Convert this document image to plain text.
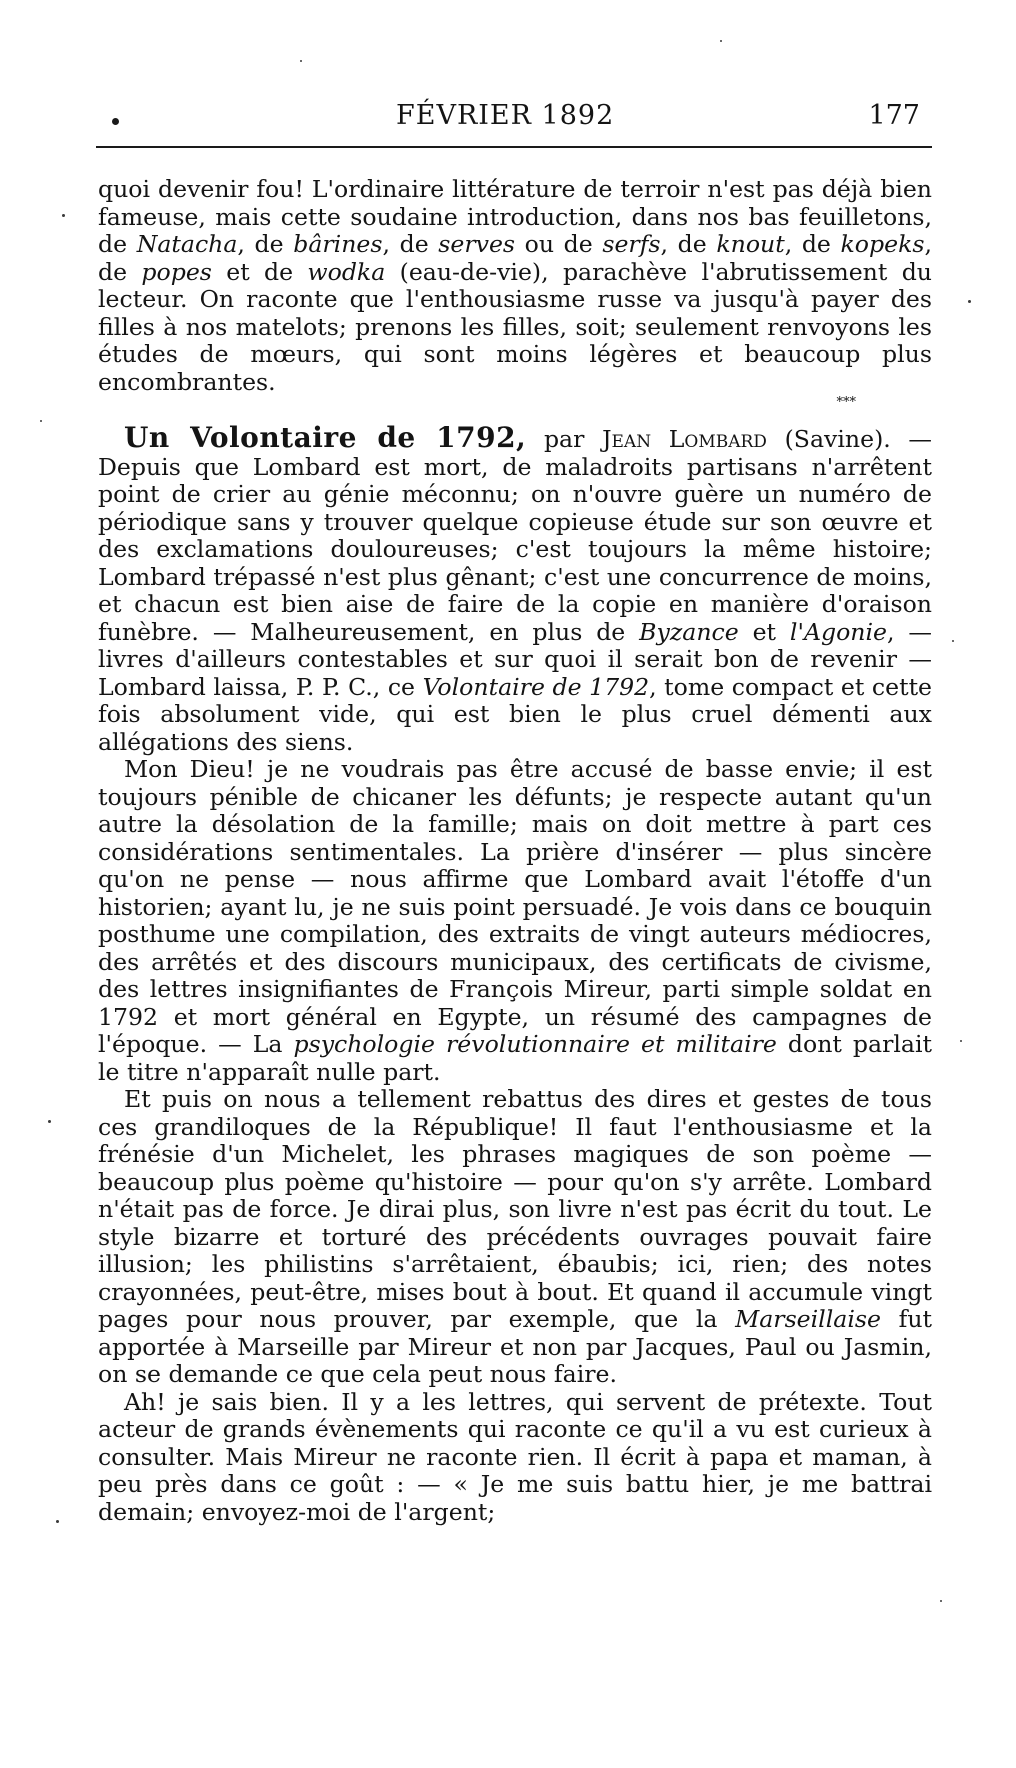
FÉVRIER 1892	177

quoi devenir fou! L'ordinaire littérature de terroir n'est pas déjà bien fameuse, mais cette soudaine introduction, dans nos bas feuilletons, de Natacha, de bârines, de serves ou de serfs, de knout, de kopeks, de popes et de wodka (eau-de-vie), parachève l'abrutissement du lecteur. On raconte que l'enthousiasme russe va jusqu'à payer des filles à nos matelots; prenons les filles, soit; seulement renvoyons les études de mœurs, qui sont moins légères et beaucoup plus encombrantes.

***

Un Volontaire de 1792, par Jean Lombard (Savine). — Depuis que Lombard est mort, de maladroits partisans n'arrêtent point de crier au génie méconnu; on n'ouvre guère un numéro de périodique sans y trouver quelque copieuse étude sur son œuvre et des exclamations douloureuses; c'est toujours la même histoire; Lombard trépassé n'est plus gênant; c'est une concurrence de moins, et chacun est bien aise de faire de la copie en manière d'oraison funèbre. — Malheureusement, en plus de Byzance et l'Agonie, — livres d'ailleurs contestables et sur quoi il serait bon de revenir — Lombard laissa, P. P. C., ce Volontaire de 1792, tome compact et cette fois absolument vide, qui est bien le plus cruel démenti aux allégations des siens.

Mon Dieu! je ne voudrais pas être accusé de basse envie; il est toujours pénible de chicaner les défunts; je respecte autant qu'un autre la désolation de la famille; mais on doit mettre à part ces considérations sentimentales. La prière d'insérer — plus sincère qu'on ne pense — nous affirme que Lombard avait l'étoffe d'un historien; ayant lu, je ne suis point persuadé. Je vois dans ce bouquin posthume une compilation, des extraits de vingt auteurs médiocres, des arrêtés et des discours municipaux, des certificats de civisme, des lettres insignifiantes de François Mireur, parti simple soldat en 1792 et mort général en Egypte, un résumé des campagnes de l'époque. — La psychologie révolutionnaire et militaire dont parlait le titre n'apparaît nulle part.

Et puis on nous a tellement rebattus des dires et gestes de tous ces grandiloques de la République! Il faut l'enthousiasme et la frénésie d'un Michelet, les phrases magiques de son poème — beaucoup plus poème qu'histoire — pour qu'on s'y arrête. Lombard n'était pas de force. Je dirai plus, son livre n'est pas écrit du tout. Le style bizarre et torturé des précédents ouvrages pouvait faire illusion; les philistins s'arrêtaient, ébaubis; ici, rien; des notes crayonnées, peut-être, mises bout à bout. Et quand il accumule vingt pages pour nous prouver, par exemple, que la Marseillaise fut apportée à Marseille par Mireur et non par Jacques, Paul ou Jasmin, on se demande ce que cela peut nous faire.

Ah! je sais bien. Il y a les lettres, qui servent de prétexte. Tout acteur de grands évènements qui raconte ce qu'il a vu est curieux à consulter. Mais Mireur ne raconte rien. Il écrit à papa et maman, à peu près dans ce goût : — « Je me suis battu hier, je me battrai demain; envoyez-moi de l'argent;
